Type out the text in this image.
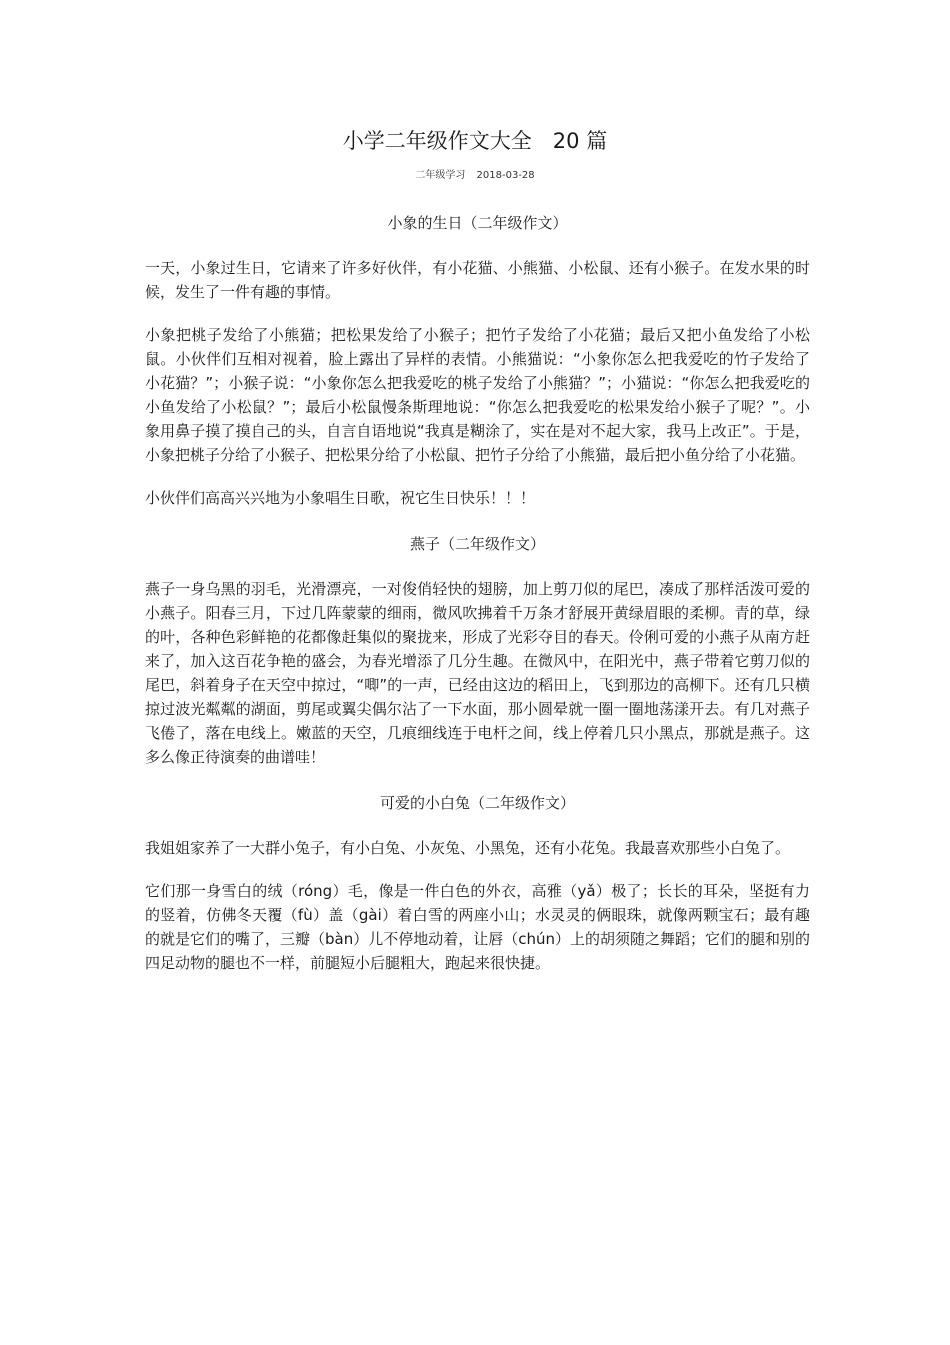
小学二年级作文大全　20 篇
二年级学习 2018-03-28
小象的生日（二年级作文）

一天，小象过生日，它请来了许多好伙伴，有小花猫、小熊猫、小松鼠、还有小猴子。在发水果的时候，发生了一件有趣的事情。

小象把桃子发给了小熊猫；把松果发给了小猴子；把竹子发给了小花猫；最后又把小鱼发给了小松鼠。小伙伴们互相对视着，脸上露出了异样的表情。小熊猫说：“小象你怎么把我爱吃的竹子发给了小花猫？”；小猴子说：“小象你怎么把我爱吃的桃子发给了小熊猫？”；小猫说：“你怎么把我爱吃的小鱼发给了小松鼠？”；最后小松鼠慢条斯理地说：“你怎么把我爱吃的松果发给小猴子了呢？”。小象用鼻子摸了摸自己的头，自言自语地说“我真是糊涂了，实在是对不起大家，我马上改正”。于是，小象把桃子分给了小猴子、把松果分给了小松鼠、把竹子分给了小熊猫，最后把小鱼分给了小花猫。

小伙伴们高高兴兴地为小象唱生日歌，祝它生日快乐！！！

燕子（二年级作文）

燕子一身乌黑的羽毛，光滑漂亮，一对俊俏轻快的翅膀，加上剪刀似的尾巴，凑成了那样活泼可爱的小燕子。阳春三月，下过几阵蒙蒙的细雨，微风吹拂着千万条才舒展开黄绿眉眼的柔柳。青的草，绿的叶，各种色彩鲜艳的花都像赶集似的聚拢来，形成了光彩夺目的春天。伶俐可爱的小燕子从南方赶来了，加入这百花争艳的盛会，为春光增添了几分生趣。在微风中，在阳光中，燕子带着它剪刀似的尾巴，斜着身子在天空中掠过，“唧”的一声，已经由这边的稻田上，飞到那边的高柳下。还有几只横掠过波光粼粼的湖面，剪尾或翼尖偶尔沾了一下水面，那小圆晕就一圈一圈地荡漾开去。有几对燕子飞倦了，落在电线上。嫩蓝的天空，几痕细线连于电杆之间，线上停着几只小黑点，那就是燕子。这多么像正待演奏的曲谱哇！

可爱的小白兔（二年级作文）

我姐姐家养了一大群小兔子，有小白兔、小灰兔、小黑兔，还有小花兔。我最喜欢那些小白兔了。

它们那一身雪白的绒（róng）毛，像是一件白色的外衣，高雅（yǎ）极了；长长的耳朵，坚挺有力的竖着，仿佛冬天覆（fù）盖（gài）着白雪的两座小山；水灵灵的俩眼珠，就像两颗宝石；最有趣的就是它们的嘴了，三瓣（bàn）儿不停地动着，让唇（chún）上的胡须随之舞蹈；它们的腿和别的四足动物的腿也不一样，前腿短小后腿粗大，跑起来很快捷。
